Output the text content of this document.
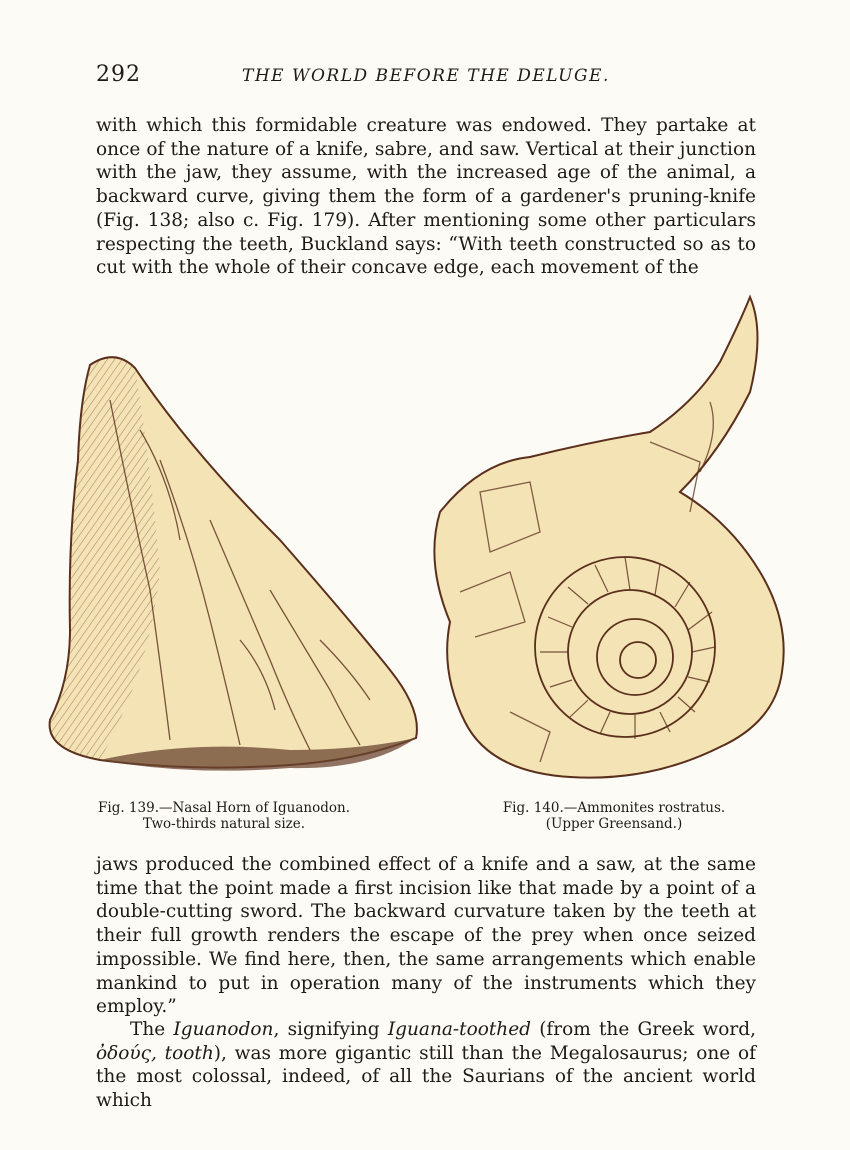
292	THE WORLD BEFORE THE DELUGE.

with which this formidable creature was endowed. They partake at once of the nature of a knife, sabre, and saw. Vertical at their junction with the jaw, they assume, with the increased age of the animal, a backward curve, giving them the form of a gardener's pruning-knife (Fig. 138; also c. Fig. 179). After mentioning some other particulars respecting the teeth, Buckland says: “With teeth constructed so as to cut with the whole of their concave edge, each movement of the

Fig. 139.—Nasal Horn of Iguanodon.
Two-thirds natural size.
Fig. 140.—Ammonites rostratus.
(Upper Greensand.)

jaws produced the combined effect of a knife and a saw, at the same time that the point made a first incision like that made by a point of a double-cutting sword. The backward curvature taken by the teeth at their full growth renders the escape of the prey when once seized impossible. We find here, then, the same arrangements which enable mankind to put in operation many of the instruments which they employ.”

The Iguanodon, signifying Iguana-toothed (from the Greek word, ὀδούς, tooth), was more gigantic still than the Megalosaurus; one of the most colossal, indeed, of all the Saurians of the ancient world which
